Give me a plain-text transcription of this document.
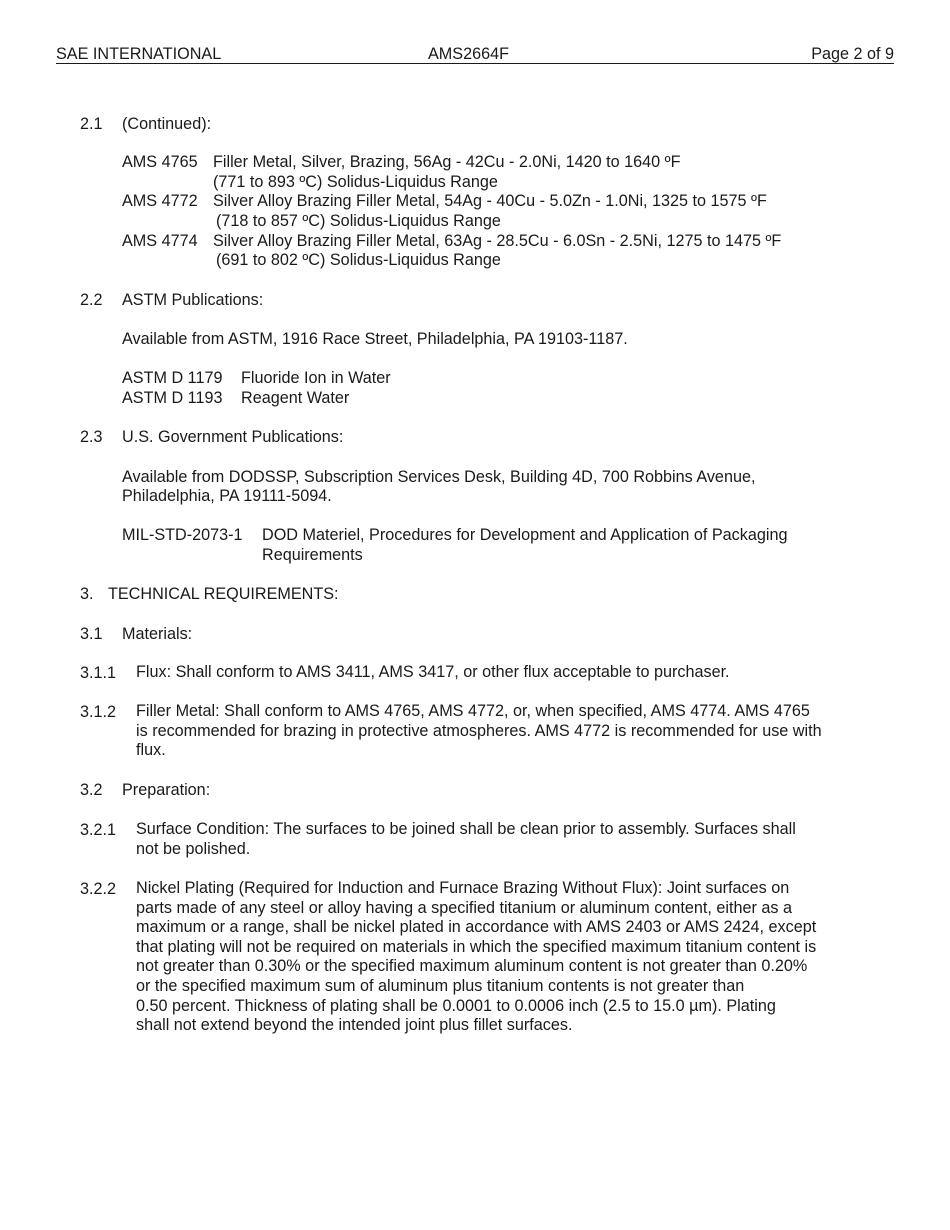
SAE INTERNATIONAL	AMS2664F	Page 2 of 9
2.1 (Continued):
AMS 4765 Filler Metal, Silver, Brazing, 56Ag - 42Cu - 2.0Ni, 1420 to 1640 ºF
(771 to 893 ºC) Solidus-Liquidus Range
AMS 4772 Silver Alloy Brazing Filler Metal, 54Ag - 40Cu - 5.0Zn - 1.0Ni, 1325 to 1575 ºF
(718 to 857 ºC) Solidus-Liquidus Range
AMS 4774 Silver Alloy Brazing Filler Metal, 63Ag - 28.5Cu - 6.0Sn - 2.5Ni, 1275 to 1475 ºF
(691 to 802 ºC) Solidus-Liquidus Range
2.2 ASTM Publications:
Available from ASTM, 1916 Race Street, Philadelphia, PA 19103-1187.
ASTM D 1179 Fluoride Ion in Water
ASTM D 1193 Reagent Water
2.3 U.S. Government Publications:
Available from DODSSP, Subscription Services Desk, Building 4D, 700 Robbins Avenue,
Philadelphia, PA 19111-5094.
MIL-STD-2073-1 DOD Materiel, Procedures for Development and Application of Packaging
Requirements
3. TECHNICAL REQUIREMENTS:
3.1 Materials:
3.1.1 Flux: Shall conform to AMS 3411, AMS 3417, or other flux acceptable to purchaser.
3.1.2 Filler Metal: Shall conform to AMS 4765, AMS 4772, or, when specified, AMS 4774. AMS 4765
is recommended for brazing in protective atmospheres. AMS 4772 is recommended for use with
flux.
3.2 Preparation:
3.2.1 Surface Condition: The surfaces to be joined shall be clean prior to assembly. Surfaces shall
not be polished.
3.2.2 Nickel Plating (Required for Induction and Furnace Brazing Without Flux): Joint surfaces on
parts made of any steel or alloy having a specified titanium or aluminum content, either as a
maximum or a range, shall be nickel plated in accordance with AMS 2403 or AMS 2424, except
that plating will not be required on materials in which the specified maximum titanium content is
not greater than 0.30% or the specified maximum aluminum content is not greater than 0.20%
or the specified maximum sum of aluminum plus titanium contents is not greater than
0.50 percent. Thickness of plating shall be 0.0001 to 0.0006 inch (2.5 to 15.0 µm). Plating
shall not extend beyond the intended joint plus fillet surfaces.
